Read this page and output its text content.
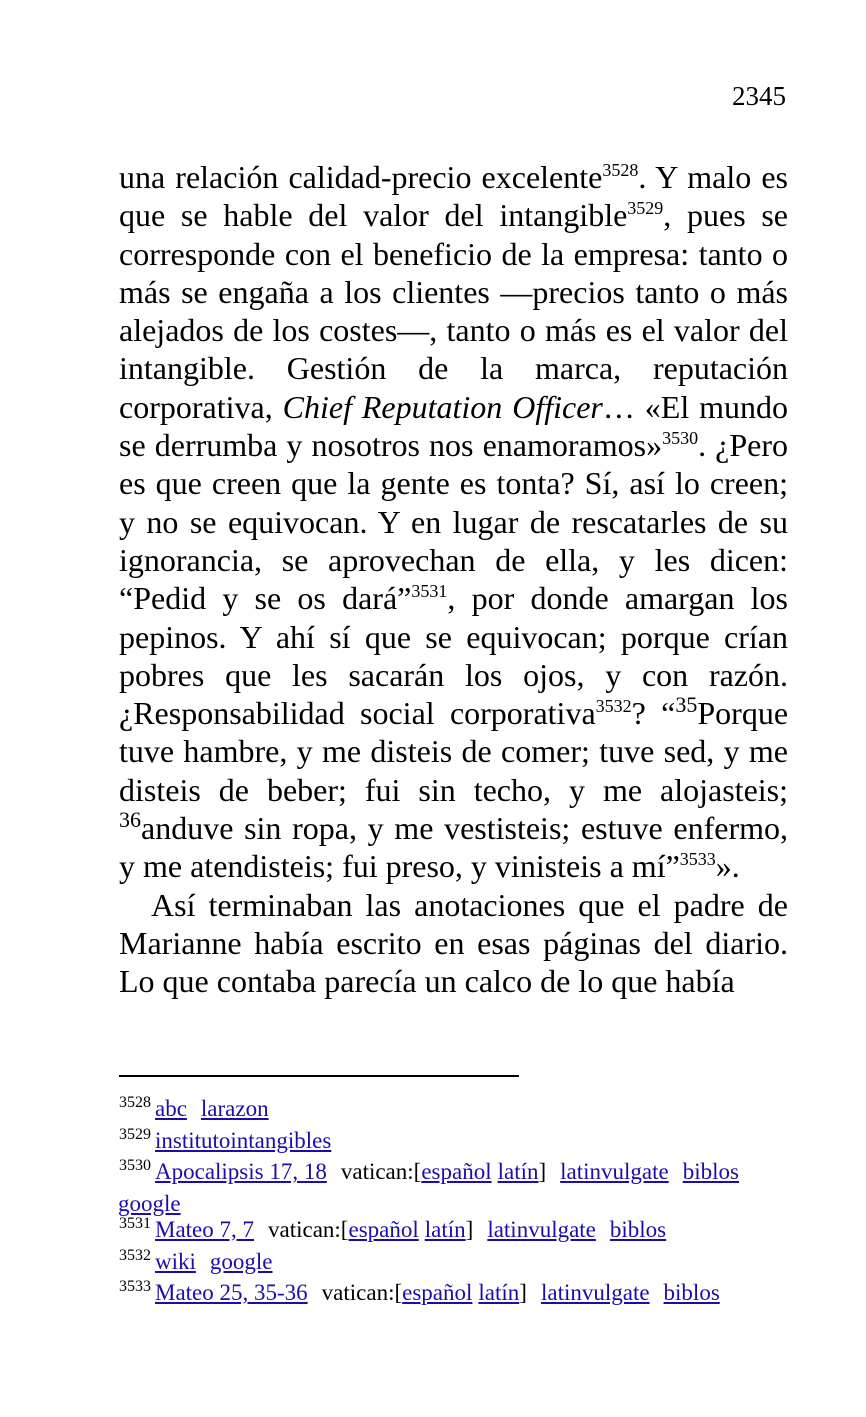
2345

una relación calidad-precio excelente$^{3528}$. Y malo es que se hable del valor del intangible$^{3529}$, pues se corresponde con el beneficio de la empresa: tanto o más se engaña a los clientes —precios tanto o más alejados de los costes—, tanto o más es el valor del intangible. Gestión de la marca, reputación corporativa, Chief Reputation Officer… «El mundo se derrumba y nosotros nos enamoramos»$^{3530}$. ¿Pero es que creen que la gente es tonta? Sí, así lo creen; y no se equivocan. Y en lugar de rescatarles de su ignorancia, se aprovechan de ella, y les dicen: “Pedid y se os dará”$^{3531}$, por donde amargan los pepinos. Y ahí sí que se equivocan; porque crían pobres que les sacarán los ojos, y con razón. ¿Responsabilidad social corporativa$^{3532}$? “$^{35}$Porque tuve hambre, y me disteis de comer; tuve sed, y me disteis de beber; fui sin techo, y me alojasteis; $^{36}$anduve sin ropa, y me vestisteis; estuve enfermo, y me atendisteis; fui preso, y vinisteis a mí”$^{3533}$».

Así terminaban las anotaciones que el padre de Marianne había escrito en esas páginas del diario. Lo que contaba parecía un calco de lo que había

$^{3528}$ abc larazon
$^{3529}$ institutointangibles
$^{3530}$ Apocalipsis 17, 18 vatican:[español latín] latinvulgate biblos
google
$^{3531}$ Mateo 7, 7 vatican:[español latín] latinvulgate biblos
$^{3532}$ wiki google
$^{3533}$ Mateo 25, 35-36 vatican:[español latín] latinvulgate biblos
